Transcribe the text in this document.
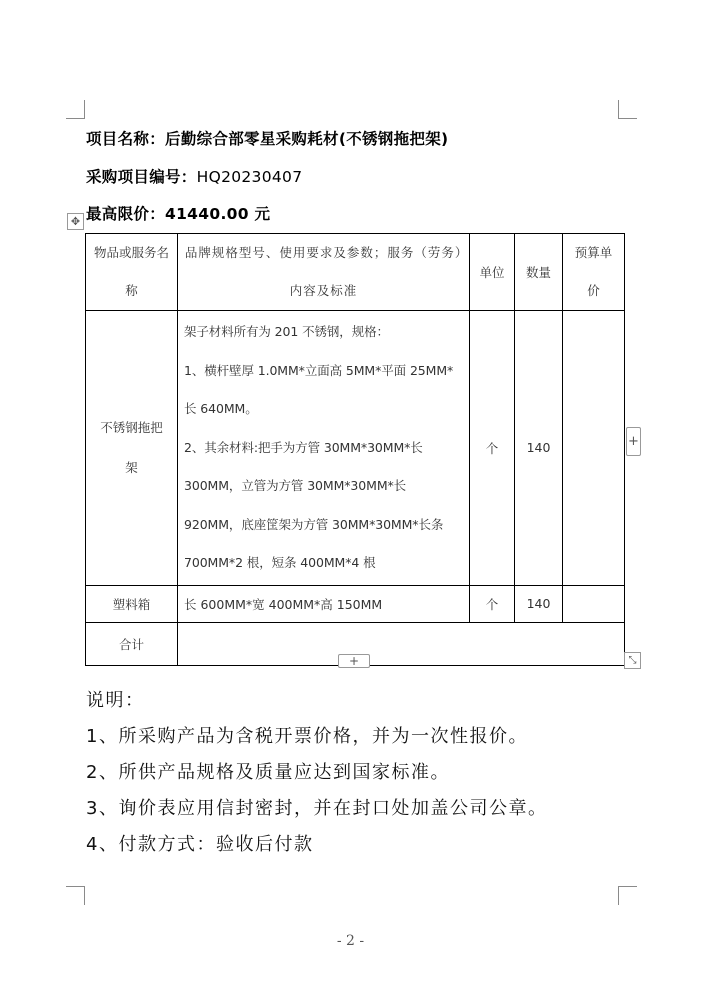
项目名称：后勤综合部零星采购耗材(不锈钢拖把架)
采购项目编号：HQ20230407
最高限价：41440.00 元
✥
物品或服务名称	品牌规格型号、使用要求及参数；服务（劳务）内容及标准	单位	数量	预算单价
不锈钢拖把架	架子材料所有为 201 不锈钢，规格：
1、横杆壁厚 1.0MM*立面高 5MM*平面 25MM*长 640MM。
2、其余材料:把手为方管 30MM*30MM*长 300MM，立管为方管 30MM*30MM*长 920MM，底座筐架为方管 30MM*30MM*长条 700MM*2 根，短条 400MM*4 根	个	140	
塑料箱	长 600MM*宽 400MM*高 150MM	个	140	
合计				
+
+	⤡
说明：
1、所采购产品为含税开票价格，并为一次性报价。
2、所供产品规格及质量应达到国家标准。
3、询价表应用信封密封，并在封口处加盖公司公章。
4、付款方式：验收后付款
- 2 -
